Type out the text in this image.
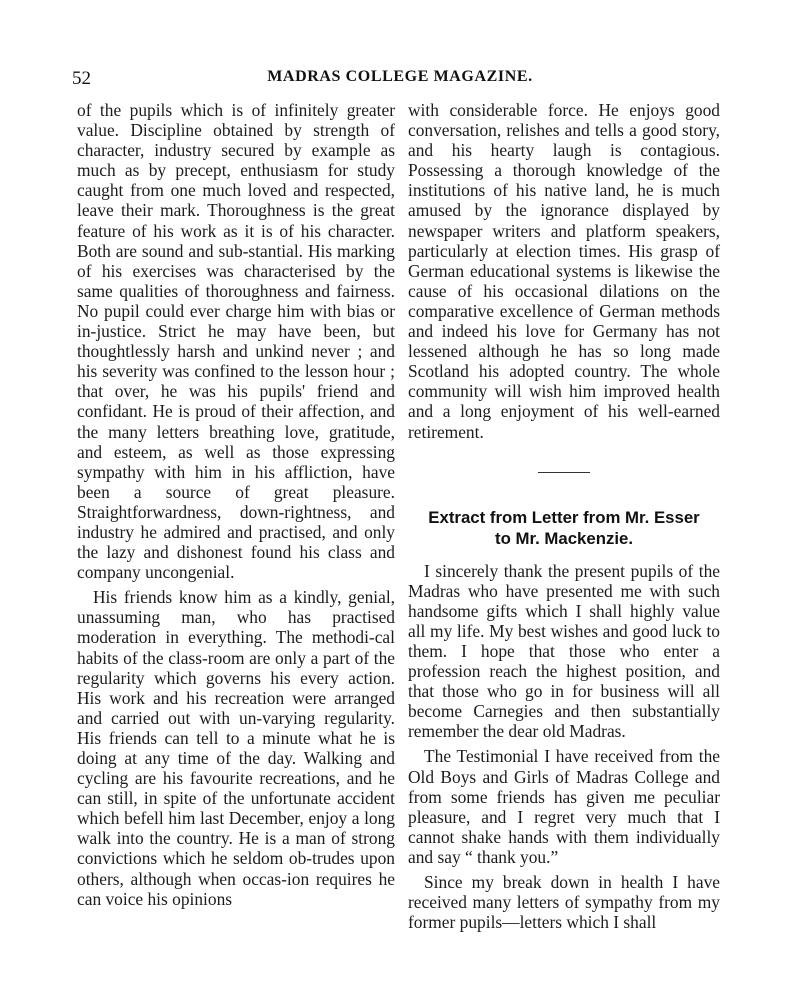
52	MADRAS COLLEGE MAGAZINE.

of the pupils which is of infinitely greater value. Discipline obtained by strength of character, industry secured by example as much as by precept, enthusiasm for study caught from one much loved and respected, leave their mark. Thoroughness is the great feature of his work as it is of his character. Both are sound and sub-stantial. His marking of his exercises was characterised by the same qualities of thoroughness and fairness. No pupil could ever charge him with bias or in-justice. Strict he may have been, but thoughtlessly harsh and unkind never ; and his severity was confined to the lesson hour ; that over, he was his pupils' friend and confidant. He is proud of their affection, and the many letters breathing love, gratitude, and esteem, as well as those expressing sympathy with him in his affliction, have been a source of great pleasure. Straightforwardness, down-rightness, and industry he admired and practised, and only the lazy and dishonest found his class and company uncongenial.

His friends know him as a kindly, genial, unassuming man, who has practised moderation in everything. The methodi-cal habits of the class-room are only a part of the regularity which governs his every action. His work and his recreation were arranged and carried out with un-varying regularity. His friends can tell to a minute what he is doing at any time of the day. Walking and cycling are his favourite recreations, and he can still, in spite of the unfortunate accident which befell him last December, enjoy a long walk into the country. He is a man of strong convictions which he seldom ob-trudes upon others, although when occas-ion requires he can voice his opinions

with considerable force. He enjoys good conversation, relishes and tells a good story, and his hearty laugh is contagious. Possessing a thorough knowledge of the institutions of his native land, he is much amused by the ignorance displayed by newspaper writers and platform speakers, particularly at election times. His grasp of German educational systems is likewise the cause of his occasional dilations on the comparative excellence of German methods and indeed his love for Germany has not lessened although he has so long made Scotland his adopted country. The whole community will wish him improved health and a long enjoyment of his well-earned retirement.

Extract from Letter from Mr. Esser
to Mr. Mackenzie.

I sincerely thank the present pupils of the Madras who have presented me with such handsome gifts which I shall highly value all my life. My best wishes and good luck to them. I hope that those who enter a profession reach the highest position, and that those who go in for business will all become Carnegies and then substantially remember the dear old Madras.

The Testimonial I have received from the Old Boys and Girls of Madras College and from some friends has given me peculiar pleasure, and I regret very much that I cannot shake hands with them individually and say “ thank you.”

Since my break down in health I have received many letters of sympathy from my former pupils—letters which I shall
